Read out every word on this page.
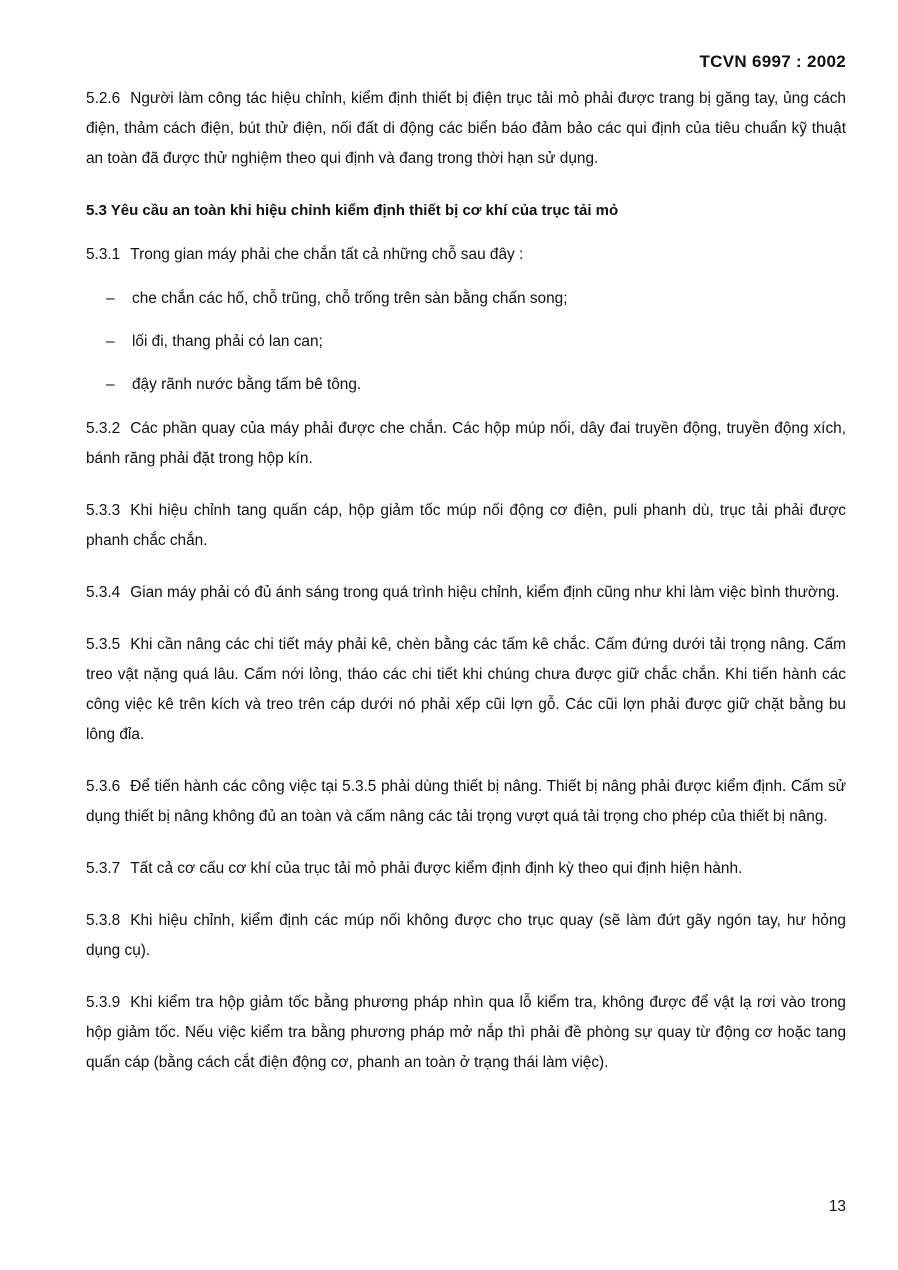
TCVN 6997 : 2002

5.2.6 Người làm công tác hiệu chỉnh, kiểm định thiết bị điện trục tải mỏ phải được trang bị găng tay, ủng cách điện, thảm cách điện, bút thử điện, nối đất di động các biển báo đảm bảo các qui định của tiêu chuẩn kỹ thuật an toàn đã được thử nghiệm theo qui định và đang trong thời hạn sử dụng.

5.3 Yêu cầu an toàn khi hiệu chỉnh kiểm định thiết bị cơ khí của trục tải mỏ

5.3.1 Trong gian máy phải che chắn tất cả những chỗ sau đây :

– che chắn các hố, chỗ trũng, chỗ trống trên sàn bằng chấn song;
– lối đi, thang phải có lan can;
– đậy rãnh nước bằng tấm bê tông.

5.3.2 Các phần quay của máy phải được che chắn. Các hộp múp nối, dây đai truyền động, truyền động xích, bánh răng phải đặt trong hộp kín.

5.3.3 Khi hiệu chỉnh tang quấn cáp, hộp giảm tốc múp nối động cơ điện, puli phanh dù, trục tải phải được phanh chắc chắn.

5.3.4 Gian máy phải có đủ ánh sáng trong quá trình hiệu chỉnh, kiểm định cũng như khi làm việc bình thường.

5.3.5 Khi cần nâng các chi tiết máy phải kê, chèn bằng các tấm kê chắc. Cấm đứng dưới tải trọng nâng. Cấm treo vật nặng quá lâu. Cấm nới lỏng, tháo các chi tiết khi chúng chưa được giữ chắc chắn. Khi tiến hành các công việc kê trên kích và treo trên cáp dưới nó phải xếp cũi lợn gỗ. Các cũi lợn phải được giữ chặt bằng bu lông đỉa.

5.3.6 Để tiến hành các công việc tại 5.3.5 phải dùng thiết bị nâng. Thiết bị nâng phải được kiểm định. Cấm sử dụng thiết bị nâng không đủ an toàn và cấm nâng các tải trọng vượt quá tải trọng cho phép của thiết bị nâng.

5.3.7 Tất cả cơ cấu cơ khí của trục tải mỏ phải được kiểm định định kỳ theo qui định hiện hành.

5.3.8 Khi hiệu chỉnh, kiểm định các múp nối không được cho trục quay (sẽ làm đứt gãy ngón tay, hư hỏng dụng cụ).

5.3.9 Khi kiểm tra hộp giảm tốc bằng phương pháp nhìn qua lỗ kiểm tra, không được để vật lạ rơi vào trong hộp giảm tốc. Nếu việc kiểm tra bằng phương pháp mở nắp thì phải đề phòng sự quay từ động cơ hoặc tang quấn cáp (bằng cách cắt điện động cơ, phanh an toàn ở trạng thái làm việc).

13
